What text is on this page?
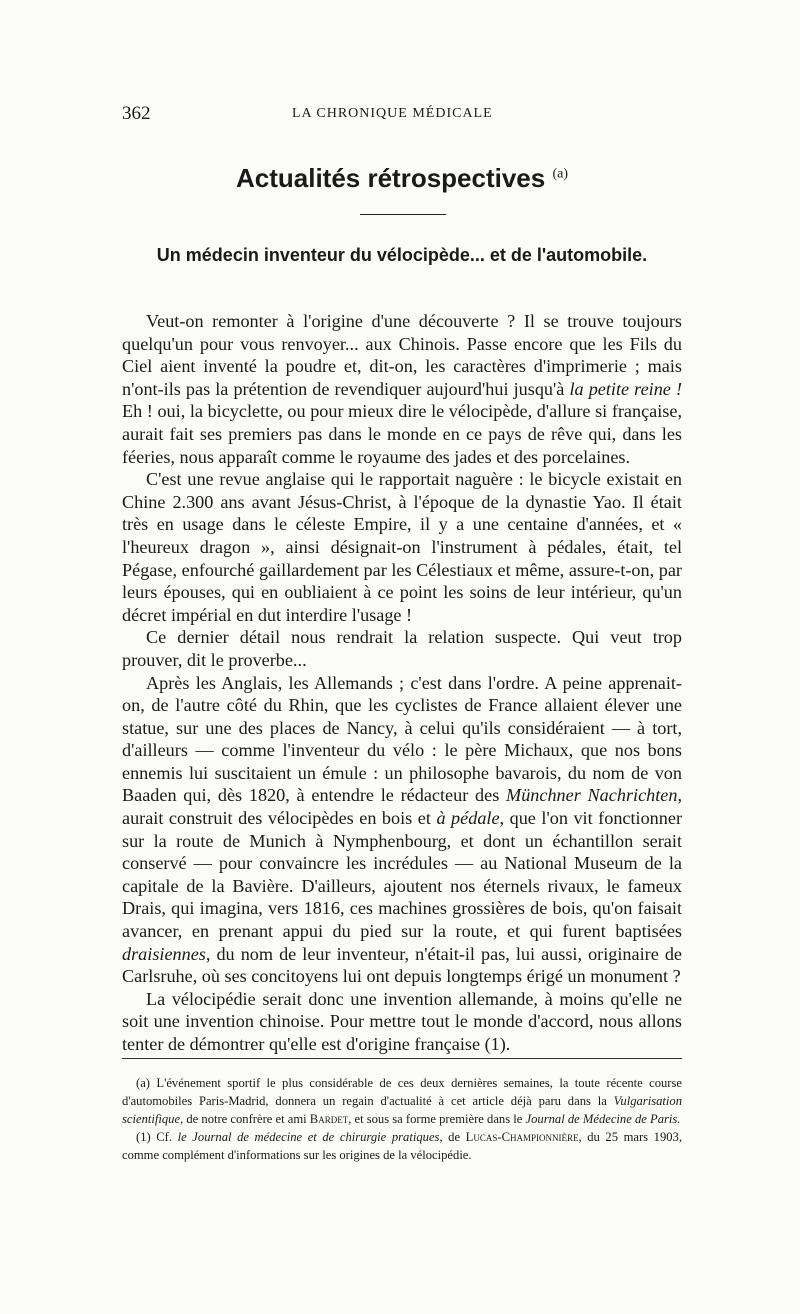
362	LA CHRONIQUE MÉDICALE
Actualités rétrospectives $^{(a)}$
Un médecin inventeur du vélocipède... et de l'automobile.

Veut-on remonter à l'origine d'une découverte ? Il se trouve toujours quelqu'un pour vous renvoyer... aux Chinois. Passe encore que les Fils du Ciel aient inventé la poudre et, dit-on, les caractères d'imprimerie ; mais n'ont-ils pas la prétention de revendiquer aujourd'hui jusqu'à la petite reine ! Eh ! oui, la bicyclette, ou pour mieux dire le vélocipède, d'allure si française, aurait fait ses premiers pas dans le monde en ce pays de rêve qui, dans les féeries, nous apparaît comme le royaume des jades et des porcelaines.

C'est une revue anglaise qui le rapportait naguère : le bicycle existait en Chine 2.300 ans avant Jésus-Christ, à l'époque de la dynastie Yao. Il était très en usage dans le céleste Empire, il y a une centaine d'années, et « l'heureux dragon », ainsi désignait-on l'instrument à pédales, était, tel Pégase, enfourché gaillardement par les Célestiaux et même, assure-t-on, par leurs épouses, qui en oubliaient à ce point les soins de leur intérieur, qu'un décret impérial en dut interdire l'usage !

Ce dernier détail nous rendrait la relation suspecte. Qui veut trop prouver, dit le proverbe...

Après les Anglais, les Allemands ; c'est dans l'ordre. A peine apprenait-on, de l'autre côté du Rhin, que les cyclistes de France allaient élever une statue, sur une des places de Nancy, à celui qu'ils considéraient — à tort, d'ailleurs — comme l'inventeur du vélo : le père Michaux, que nos bons ennemis lui suscitaient un émule : un philosophe bavarois, du nom de von Baaden qui, dès 1820, à entendre le rédacteur des Münchner Nachrichten, aurait construit des vélocipèdes en bois et à pédale, que l'on vit fonctionner sur la route de Munich à Nymphenbourg, et dont un échantillon serait conservé — pour convaincre les incrédules — au National Museum de la capitale de la Bavière. D'ailleurs, ajoutent nos éternels rivaux, le fameux Drais, qui imagina, vers 1816, ces machines grossières de bois, qu'on faisait avancer, en prenant appui du pied sur la route, et qui furent baptisées draisiennes, du nom de leur inventeur, n'était-il pas, lui aussi, originaire de Carlsruhe, où ses concitoyens lui ont depuis longtemps érigé un monument ?

La vélocipédie serait donc une invention allemande, à moins qu'elle ne soit une invention chinoise. Pour mettre tout le monde d'accord, nous allons tenter de démontrer qu'elle est d'origine française (1).

(a) L'événement sportif le plus considérable de ces deux dernières semaines, la toute récente course d'automobiles Paris-Madrid, donnera un regain d'actualité à cet article déjà paru dans la Vulgarisation scientifique, de notre confrère et ami Bardet, et sous sa forme première dans le Journal de Médecine de Paris.

(1) Cf. le Journal de médecine et de chirurgie pratiques, de Lucas-Championnière, du 25 mars 1903, comme complément d'informations sur les origines de la vélocipédie.
